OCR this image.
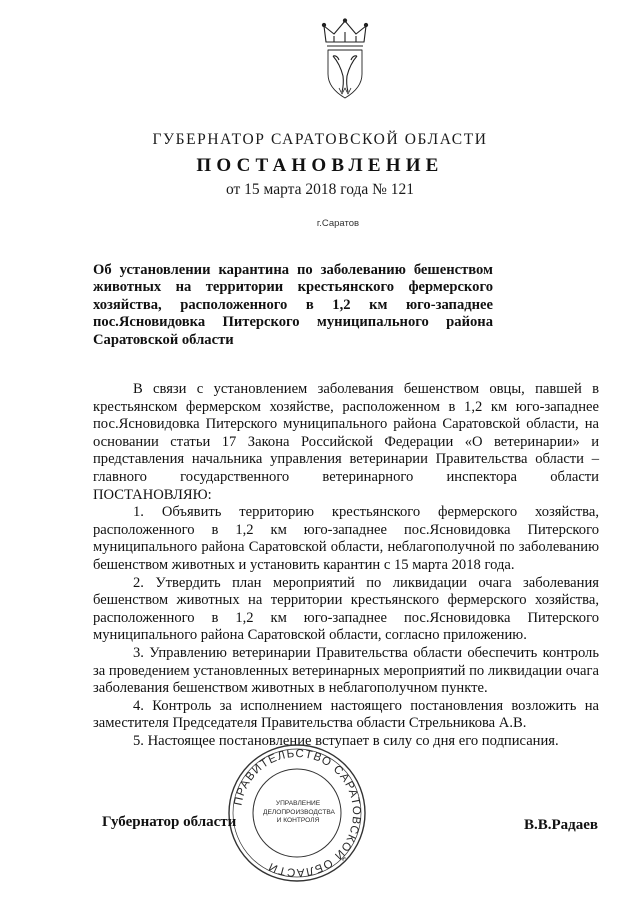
ГУБЕРНАТОР САРАТОВСКОЙ ОБЛАСТИ
ПОСТАНОВЛЕНИЕ
от 15 марта 2018 года № 121
г.Саратов

Об установлении карантина по заболеванию бешенством животных на территории крестьянского фермерского хозяйства, расположенного в 1,2 км юго-западнее пос.Ясновидовка Питерского муниципального района Саратовской области

В связи с установлением заболевания бешенством овцы, павшей в крестьянском фермерском хозяйстве, расположенном в 1,2 км юго-западнее пос.Ясновидовка Питерского муниципального района Саратовской области, на основании статьи 17 Закона Российской Федерации «О ветеринарии» и представления начальника управления ветеринарии Правительства области – главного государственного ветеринарного инспектора области ПОСТАНОВЛЯЮ:

1. Объявить территорию крестьянского фермерского хозяйства, расположенного в 1,2 км юго-западнее пос.Ясновидовка Питерского муниципального района Саратовской области, неблагополучной по заболеванию бешенством животных и установить карантин с 15 марта 2018 года.

2. Утвердить план мероприятий по ликвидации очага заболевания бешенством животных на территории крестьянского фермерского хозяйства, расположенного в 1,2 км юго-западнее пос.Ясновидовка Питерского муниципального района Саратовской области, согласно приложению.

3. Управлению ветеринарии Правительства области обеспечить контроль за проведением установленных ветеринарных мероприятий по ликвидации очага заболевания бешенством животных в неблагополучном пункте.

4. Контроль за исполнением настоящего постановления возложить на заместителя Председателя Правительства области Стрельникова А.В.

5. Настоящее постановление вступает в силу со дня его подписания.

ПРАВИТЕЛЬСТВО САРАТОВСКОЙ ОБЛАСТИ
УПРАВЛЕНИЕ
ДЕЛОПРОИЗВОДСТВА
И КОНТРОЛЯ
Губернатор области	В.В.Радаев
